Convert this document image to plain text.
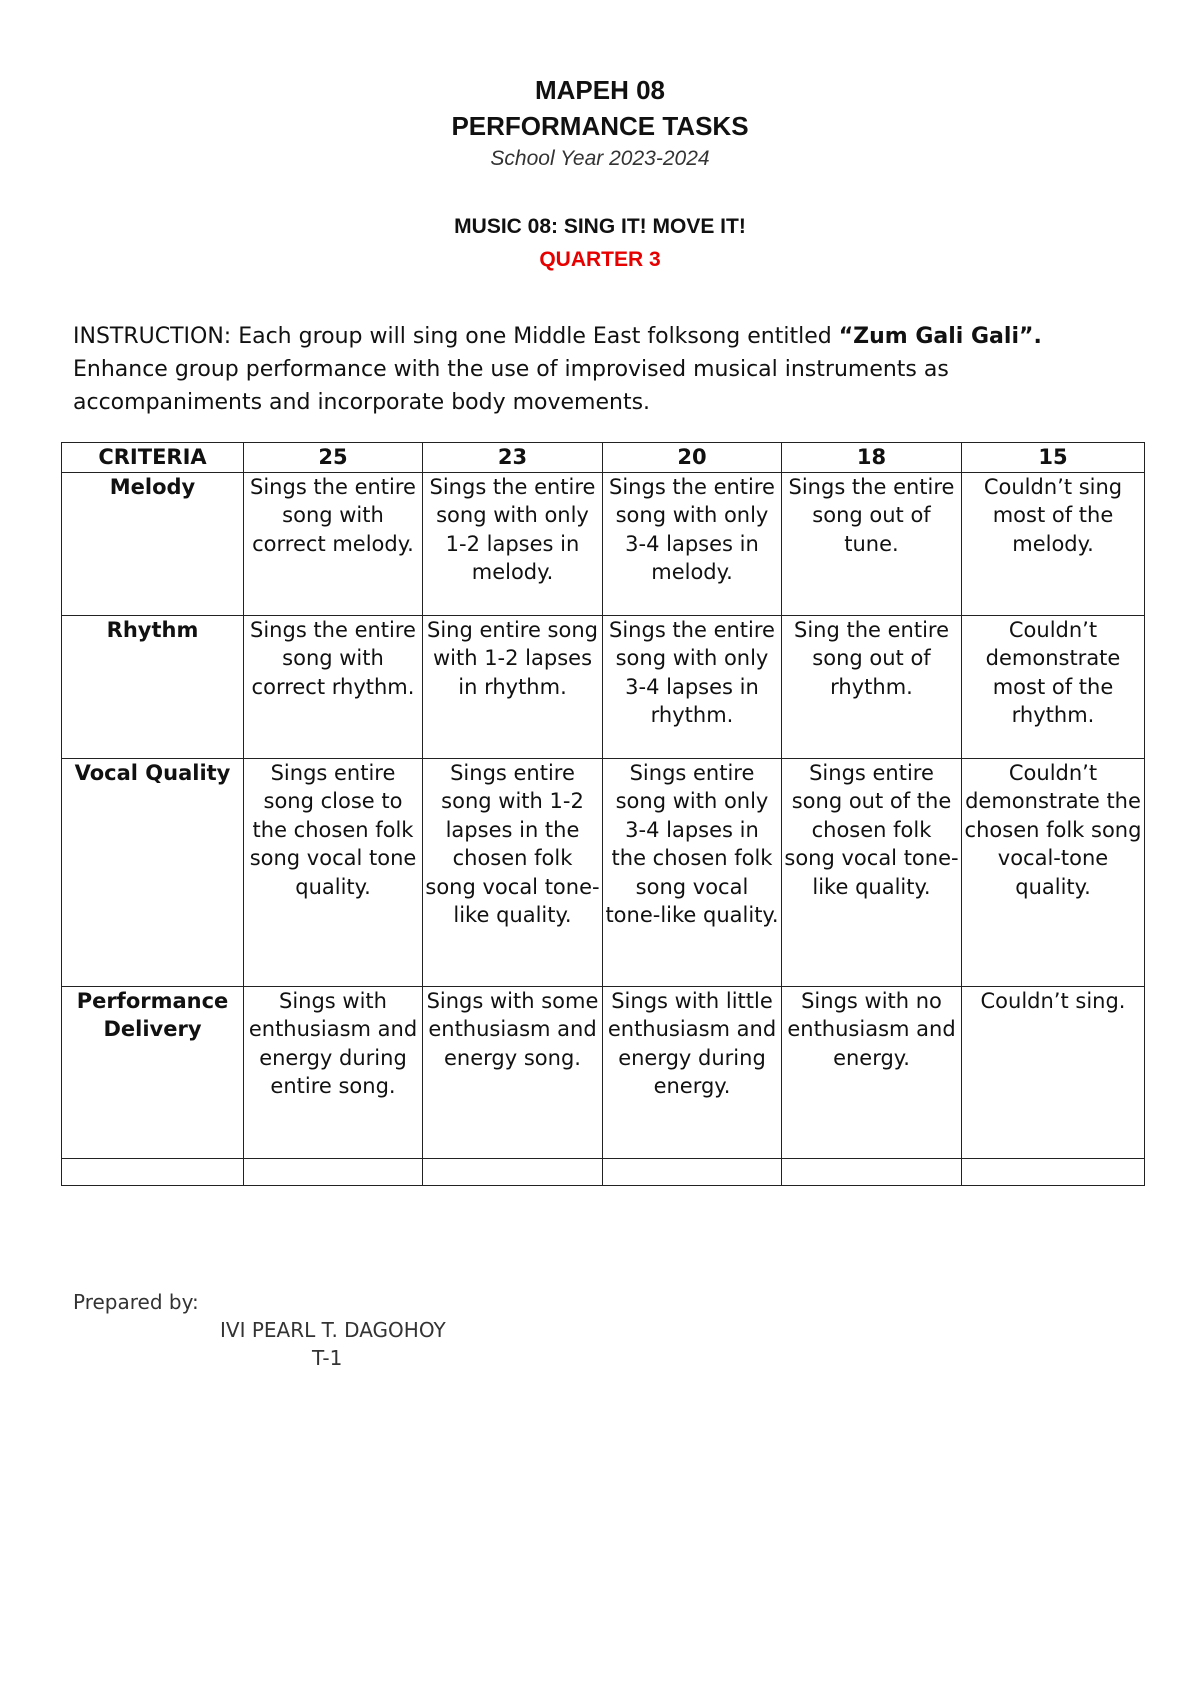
MAPEH 08

PERFORMANCE TASKS

School Year 2023-2024

MUSIC 08: SING IT! MOVE IT!
QUARTER 3
INSTRUCTION: Each group will sing one Middle East folksong entitled “Zum Gali Gali”. Enhance group performance with the use of improvised musical instruments as accompaniments and incorporate body movements.
CRITERIA	25	23	20	18	15
Melody	Sings the entire song with correct melody.	Sings the entire song with only 1-2 lapses in melody.	Sings the entire song with only 3-4 lapses in melody.	Sings the entire song out of tune.	Couldn’t sing most of the melody.
Rhythm	Sings the entire song with correct rhythm.	Sing entire song with 1-2 lapses in rhythm.	Sings the entire song with only 3-4 lapses in rhythm.	Sing the entire song out of rhythm.	Couldn’t demonstrate most of the rhythm.
Vocal Quality	Sings entire song close to the chosen folk song vocal tone quality.	Sings entire song with 1-2 lapses in the chosen folk song vocal tone-like quality.	Sings entire song with only 3-4 lapses in the chosen folk song vocal tone-like quality.	Sings entire song out of the chosen folk song vocal tone-like quality.	Couldn’t demonstrate the chosen folk song vocal-tone quality.
Performance Delivery	Sings with enthusiasm and energy during entire song.	Sings with some enthusiasm and energy song.	Sings with little enthusiasm and energy during energy.	Sings with no enthusiasm and energy.	Couldn’t sing.

Prepared by:
IVI PEARL T. DAGOHOY
T-1
